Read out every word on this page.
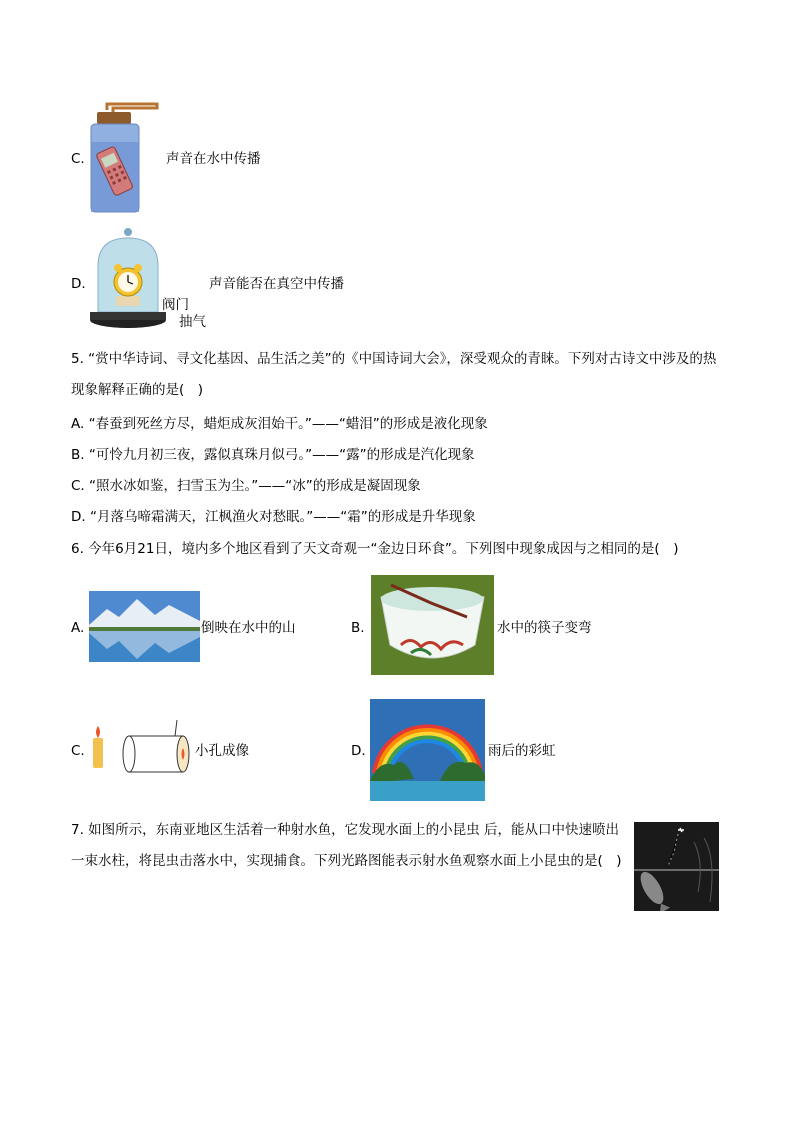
C.	声音在水中传播
D.
阀门
抽气
声音能否在真空中传播
5. “赏中华诗词、寻文化基因、品生活之美”的《中国诗词大会》，深受观众的青睐。下列对古诗文中涉及的热现象解释正确的是(　)
A. “春蚕到死丝方尽，蜡炬成灰泪始干。”——“蜡泪”的形成是液化现象
B. “可怜九月初三夜，露似真珠月似弓。”——“露”的形成是汽化现象
C. “照水冰如鉴，扫雪玉为尘。”——“冰”的形成是凝固现象
D. “月落乌啼霜满天，江枫渔火对愁眠。”——“霜”的形成是升华现象
6. 今年6月21日，境内多个地区看到了天文奇观一“金边日环食”。下列图中现象成因与之相同的是(　)
A.	倒映在水中的山	B.	水中的筷子变弯
C.	小孔成像	D.	雨后的彩虹
7. 如图所示，东南亚地区生活着一种射水鱼，它发现水面上的小昆虫 后，能从口中快速喷出一束水柱，将昆虫击落水中，实现捕食。下列光路图能表示射水鱼观察水面上小昆虫的是(　)
